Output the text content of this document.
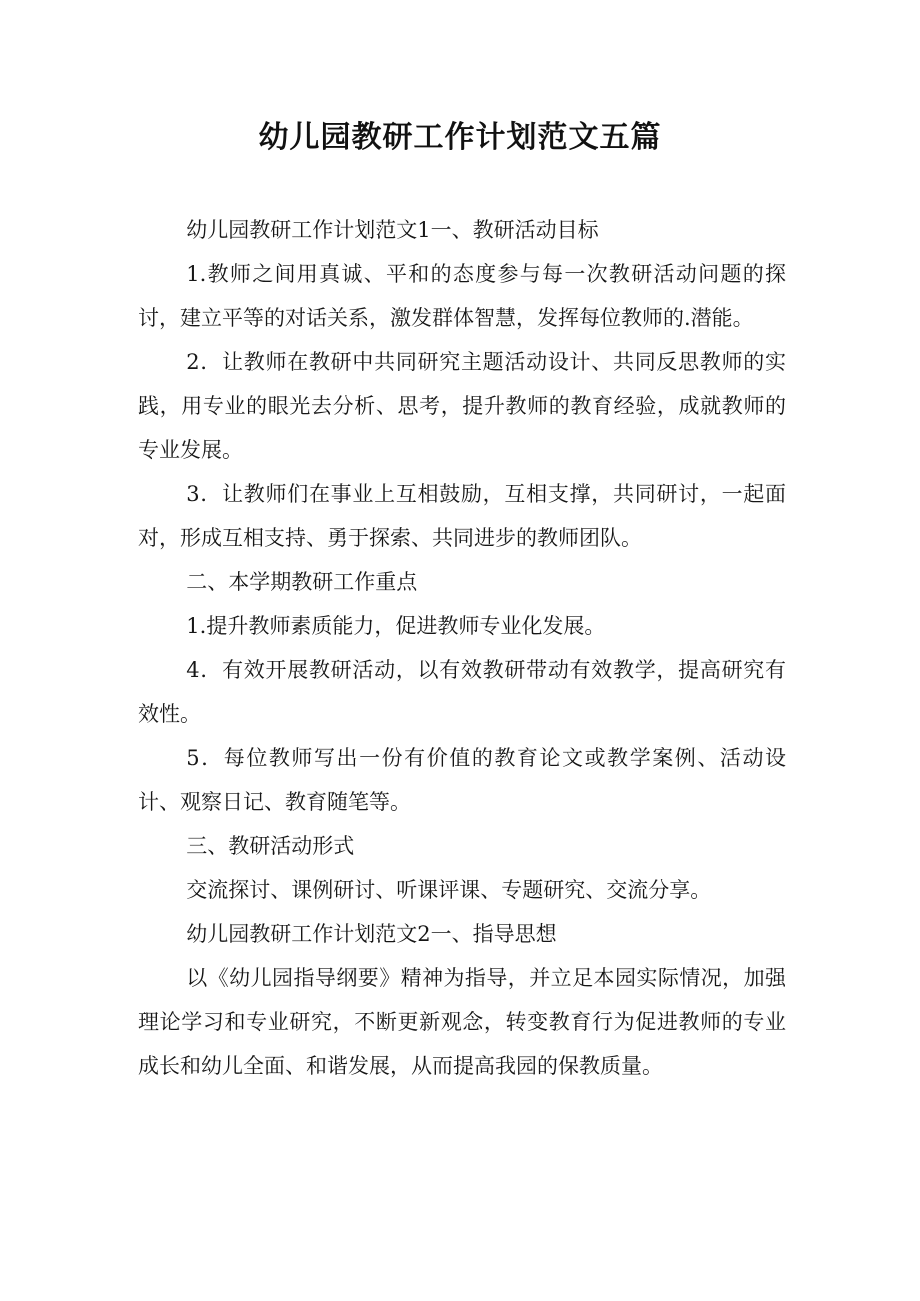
幼儿园教研工作计划范文五篇

幼儿园教研工作计划范文1一、教研活动目标

1.教师之间用真诚、平和的态度参与每一次教研活动问题的探讨，建立平等的对话关系，激发群体智慧，发挥每位教师的.潜能。

2．让教师在教研中共同研究主题活动设计、共同反思教师的实践，用专业的眼光去分析、思考，提升教师的教育经验，成就教师的专业发展。

3．让教师们在事业上互相鼓励，互相支撑，共同研讨，一起面对，形成互相支持、勇于探索、共同进步的教师团队。

二、本学期教研工作重点

1.提升教师素质能力，促进教师专业化发展。

4．有效开展教研活动，以有效教研带动有效教学，提高研究有效性。

5．每位教师写出一份有价值的教育论文或教学案例、活动设计、观察日记、教育随笔等。

三、教研活动形式

交流探讨、课例研讨、听课评课、专题研究、交流分享。

幼儿园教研工作计划范文2一、指导思想

以《幼儿园指导纲要》精神为指导，并立足本园实际情况，加强理论学习和专业研究，不断更新观念，转变教育行为促进教师的专业成长和幼儿全面、和谐发展，从而提高我园的保教质量。
